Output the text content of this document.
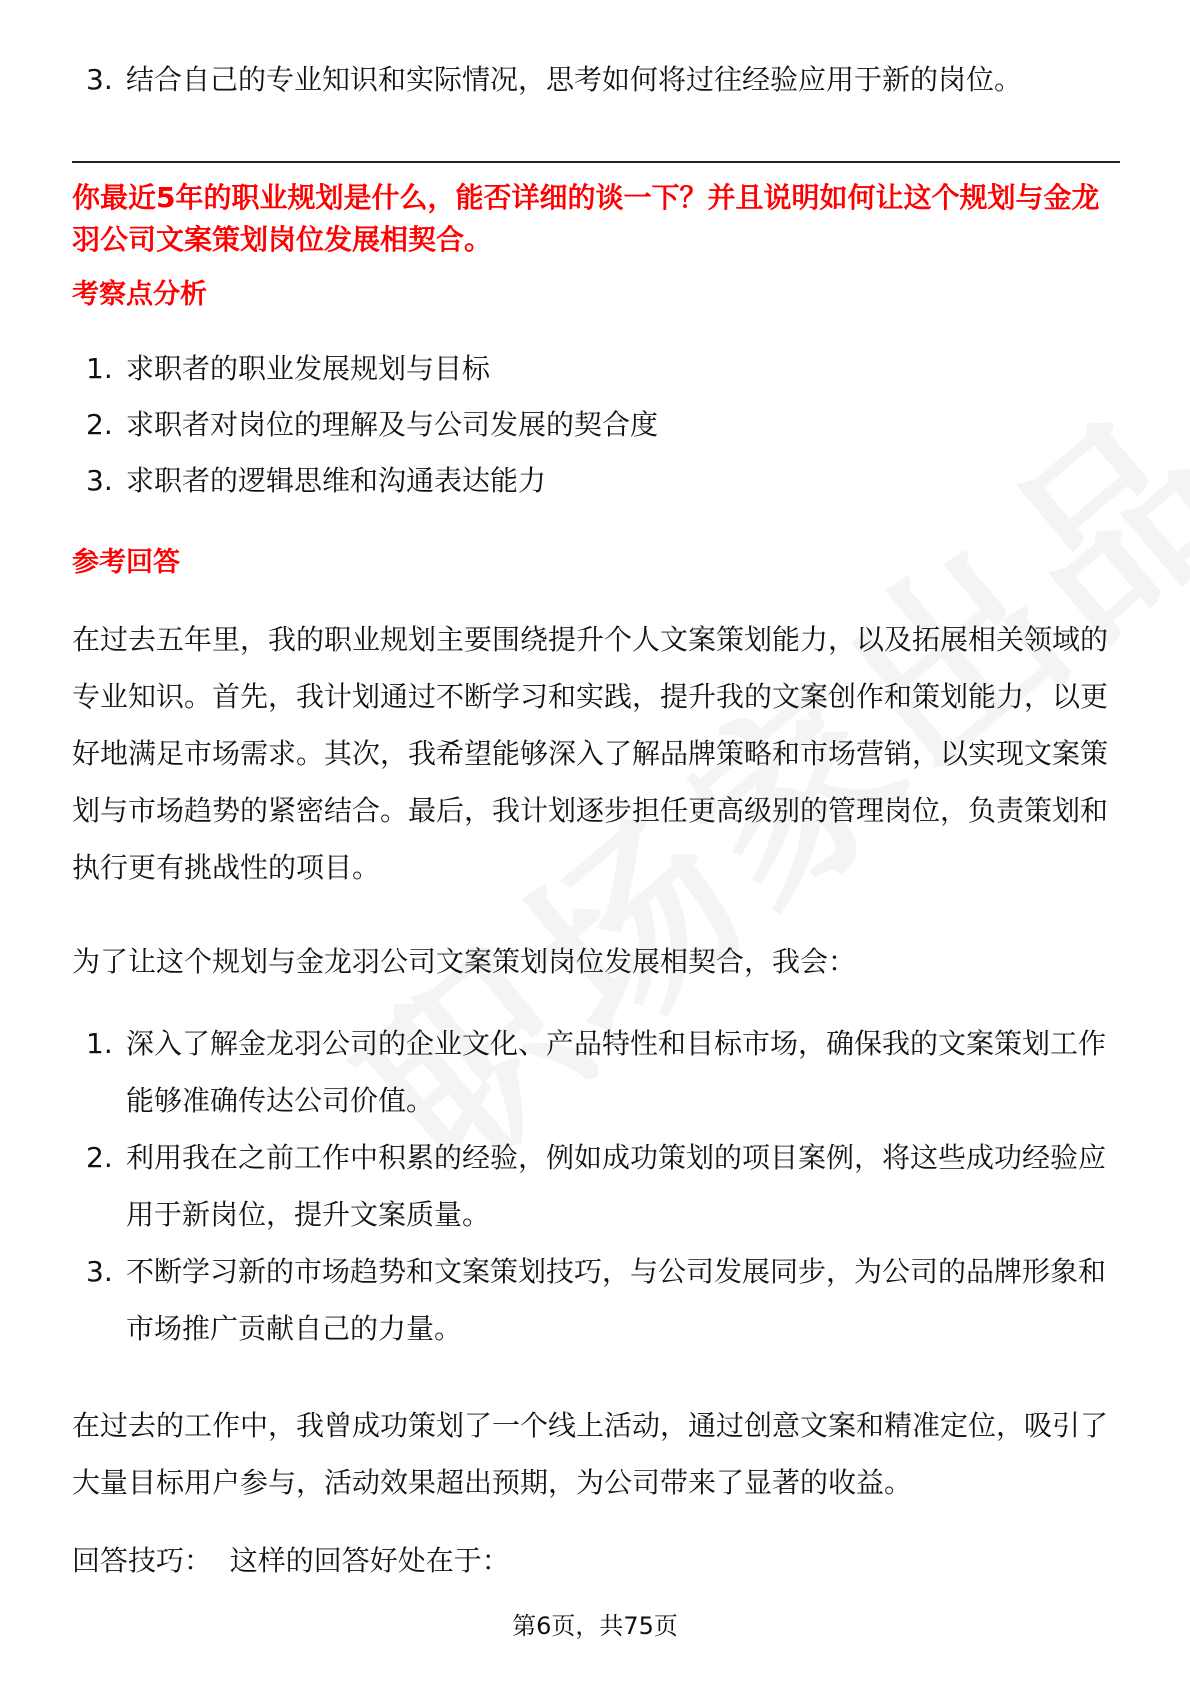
3. 结合自己的专业知识和实际情况，思考如何将过往经验应用于新的岗位。
你最近5年的职业规划是什么，能否详细的谈一下？并且说明如何让这个规划与金龙羽公司文案策划岗位发展相契合。
考察点分析
1. 求职者的职业发展规划与目标
2. 求职者对岗位的理解及与公司发展的契合度
3. 求职者的逻辑思维和沟通表达能力
参考回答

在过去五年里，我的职业规划主要围绕提升个人文案策划能力，以及拓展相关领域的专业知识。首先，我计划通过不断学习和实践，提升我的文案创作和策划能力，以更好地满足市场需求。其次，我希望能够深入了解品牌策略和市场营销，以实现文案策划与市场趋势的紧密结合。最后，我计划逐步担任更高级别的管理岗位，负责策划和执行更有挑战性的项目。

为了让这个规划与金龙羽公司文案策划岗位发展相契合，我会：

1. 深入了解金龙羽公司的企业文化、产品特性和目标市场，确保我的文案策划工作能够准确传达公司价值。
2. 利用我在之前工作中积累的经验，例如成功策划的项目案例，将这些成功经验应用于新岗位，提升文案质量。
3. 不断学习新的市场趋势和文案策划技巧，与公司发展同步，为公司的品牌形象和市场推广贡献自己的力量。

在过去的工作中，我曾成功策划了一个线上活动，通过创意文案和精准定位，吸引了大量目标用户参与，活动效果超出预期，为公司带来了显著的收益。

回答技巧：  这样的回答好处在于：

第6页，共75页
